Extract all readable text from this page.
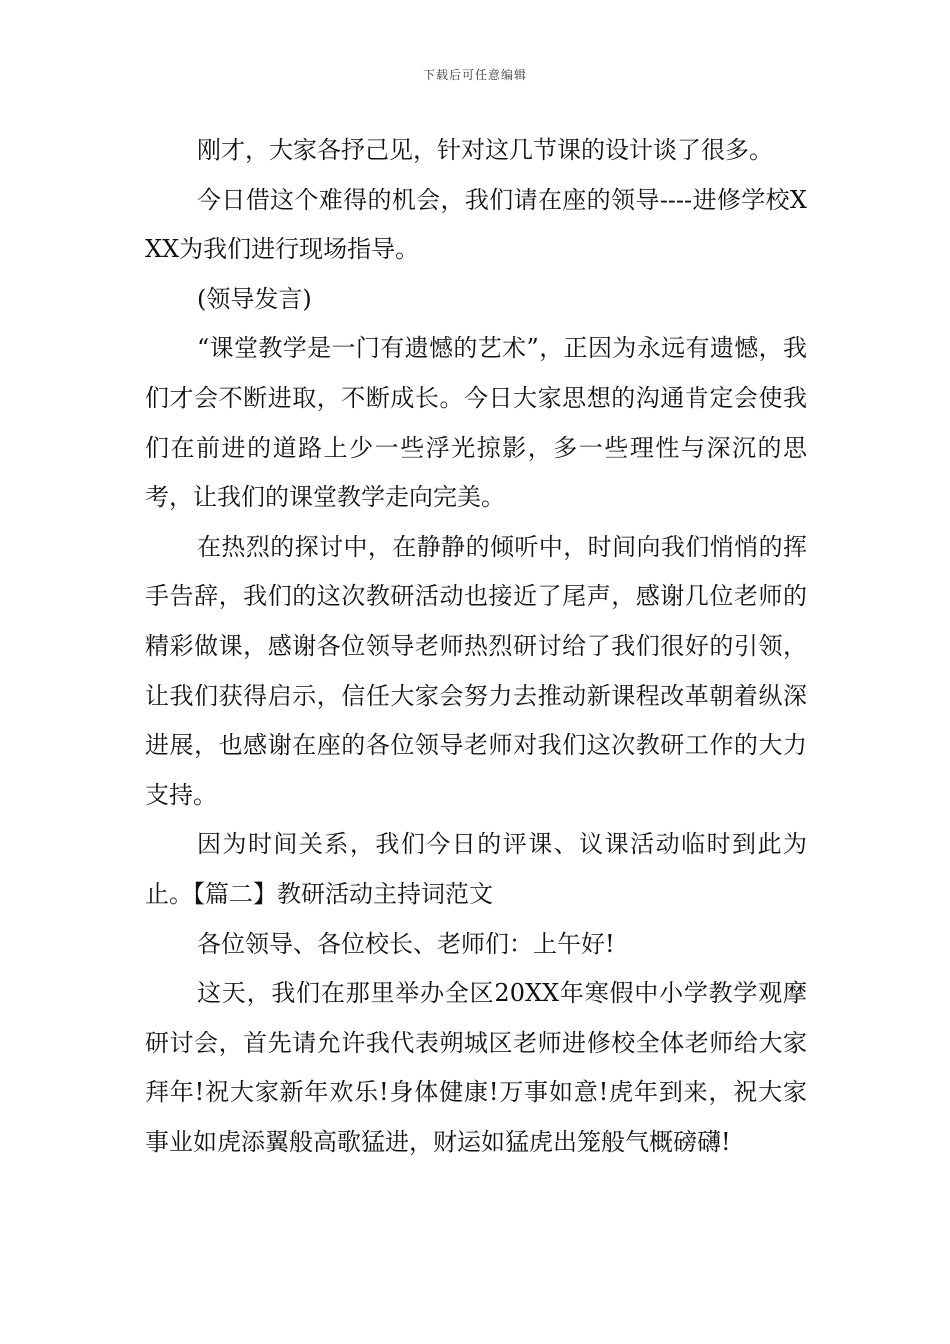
下载后可任意编辑

刚才，大家各抒己见，针对这几节课的设计谈了很多。

今日借这个难得的机会，我们请在座的领导----进修学校XXX为我们进行现场指导。

(领导发言)

“课堂教学是一门有遗憾的艺术”，正因为永远有遗憾，我们才会不断进取，不断成长。今日大家思想的沟通肯定会使我们在前进的道路上少一些浮光掠影，多一些理性与深沉的思考，让我们的课堂教学走向完美。

在热烈的探讨中，在静静的倾听中，时间向我们悄悄的挥手告辞，我们的这次教研活动也接近了尾声，感谢几位老师的精彩做课，感谢各位领导老师热烈研讨给了我们很好的引领，让我们获得启示，信任大家会努力去推动新课程改革朝着纵深进展，也感谢在座的各位领导老师对我们这次教研工作的大力支持。

因为时间关系，我们今日的评课、议课活动临时到此为止。【篇二】教研活动主持词范文

各位领导、各位校长、老师们：上午好!

这天，我们在那里举办全区20XX年寒假中小学教学观摩研讨会，首先请允许我代表朔城区老师进修校全体老师给大家拜年!祝大家新年欢乐!身体健康!万事如意!虎年到来，祝大家事业如虎添翼般高歌猛进，财运如猛虎出笼般气概磅礴!
